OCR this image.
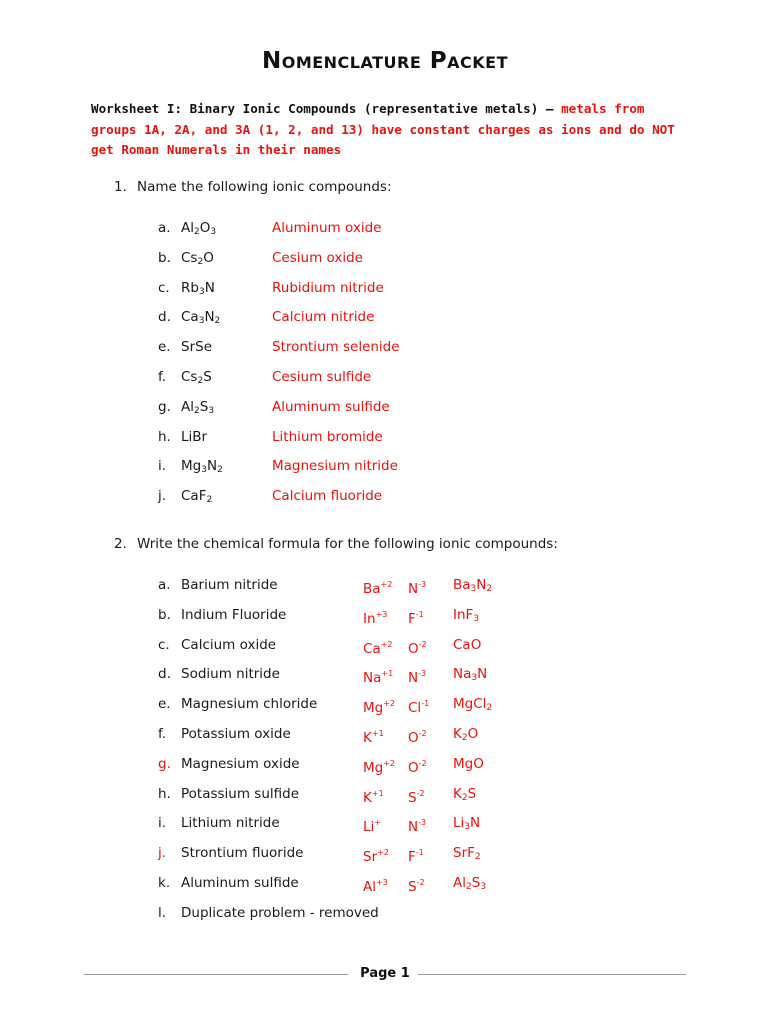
Nomenclature Packet
Worksheet I: Binary Ionic Compounds (representative metals) – metals from groups 1A, 2A, and 3A (1, 2, and 13) have constant charges as ions and do NOT get Roman Numerals in their names
1. Name the following ionic compounds:
a. $Al_2O_3$	Aluminum oxide
b. $Cs_2O$	Cesium oxide
c. $Rb_3N$	Rubidium nitride
d. $Ca_3N_2$	Calcium nitride
e. SrSe	Strontium selenide
f.	$Cs_2S$	Cesium sulfide
g. $Al_2S_3$	Aluminum sulfide
h. LiBr	Lithium bromide
i.	$Mg_3N_2$	Magnesium nitride
j.	CaF$_2$	Calcium fluoride
2. Write the chemical formula for the following ionic compounds:
a. Barium nitride	$Ba^{+2}$ $N^{-3}$ $Ba_3N_2$
b. Indium Fluoride	$In^{+3}$ $F^{-1}$ InF$_3$
c. Calcium oxide	$Ca^{+2}$ $O^{-2}$ CaO
d. Sodium nitride	$Na^{+1}$ $N^{-3}$ $Na_3N$
e. Magnesium chloride	$Mg^{+2}$ $Cl^{-1}$ MgCl$_2$
f.	Potassium oxide	$K^{+1}$ $O^{-2}$ $K_2O$
g. Magnesium oxide	$Mg^{+2}$ $O^{-2}$ MgO
h. Potassium sulfide	$K^{+1}$ $S^{-2}$ $K_2S$
i.	Lithium nitride	Li+ $N^{-3}$ $Li_3N$
j.	Strontium fluoride	$Sr^{+2}$ $F^{-1}$ SrF$_2$
k. Aluminum sulfide	$Al^{+3}$ $S^{-2}$ $Al_2S_3$
l.	Duplicate problem - removed
Page 1
